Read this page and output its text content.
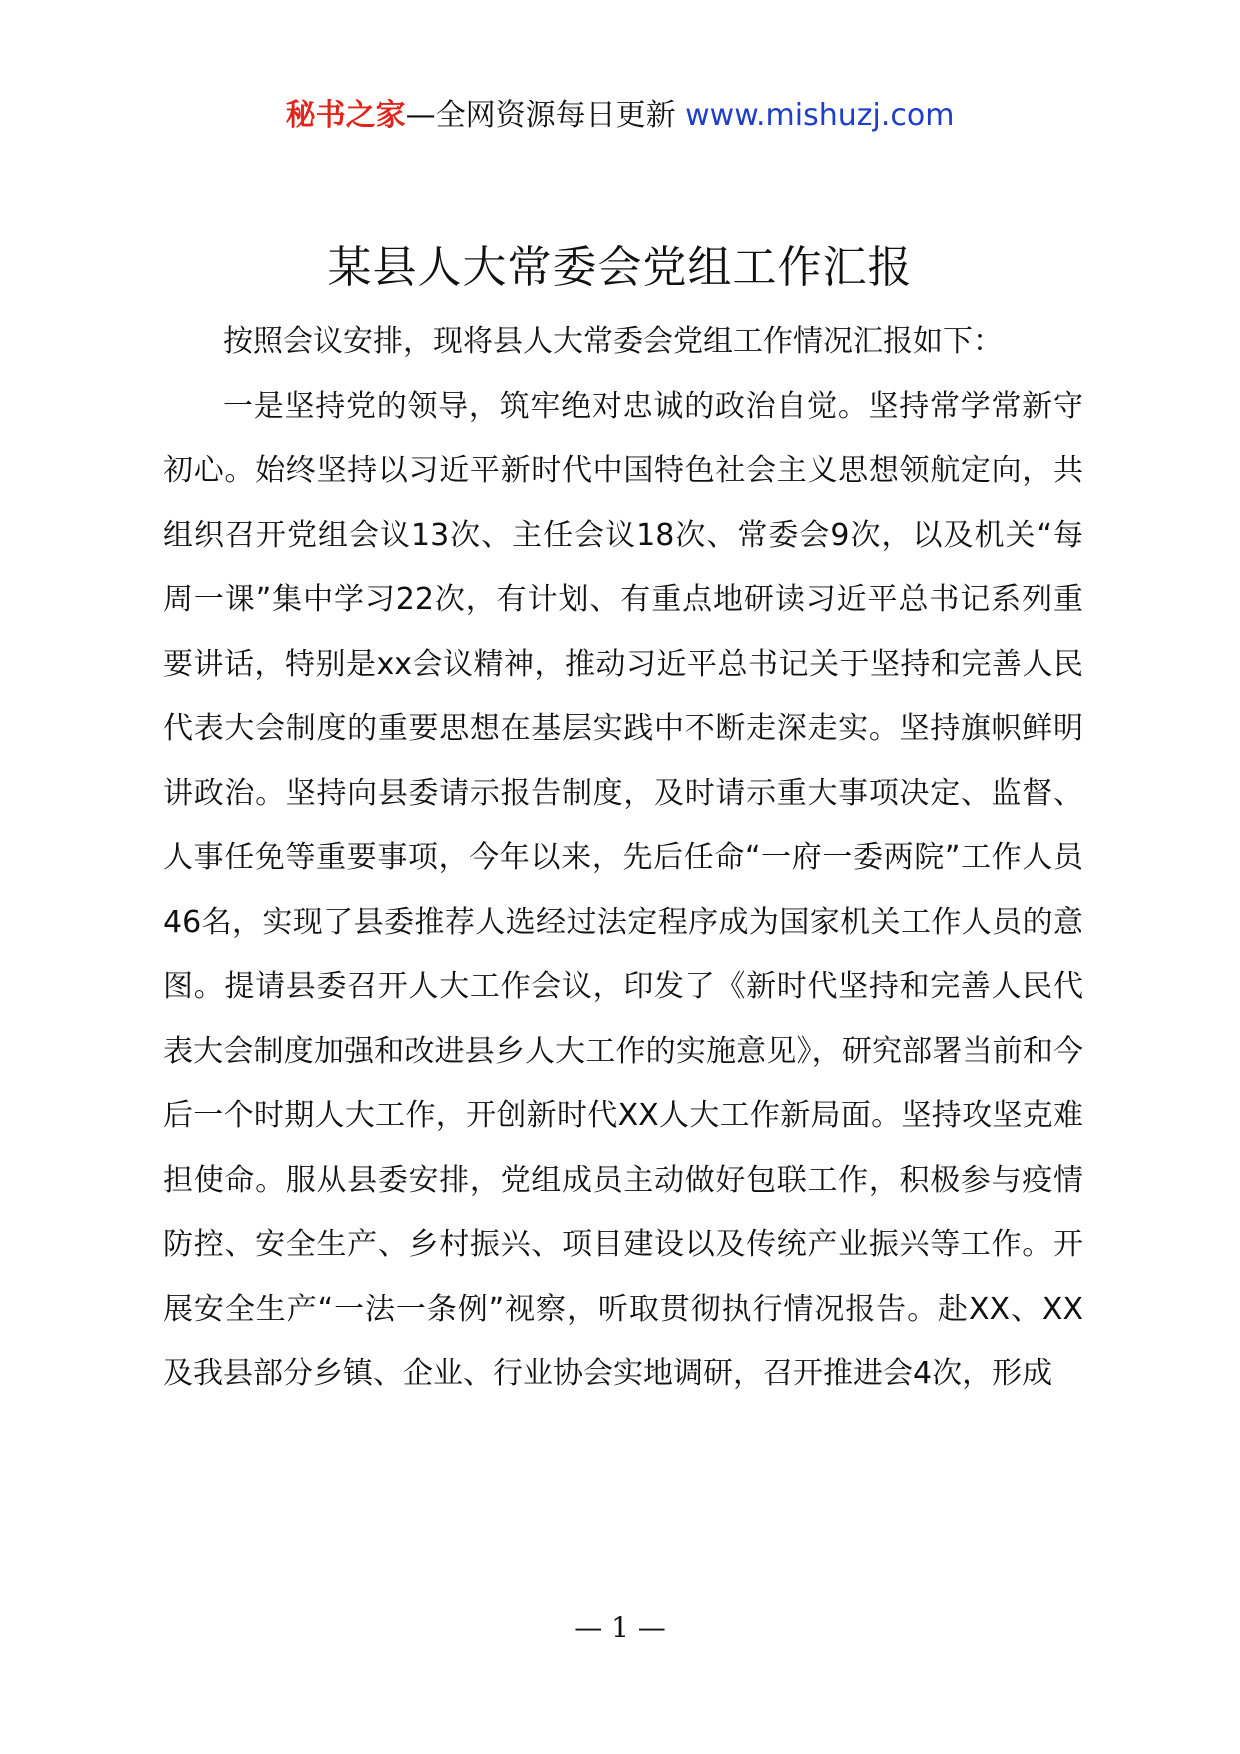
秘书之家—全网资源每日更新 www.mishuzj.com
某县人大常委会党组工作汇报

按照会议安排，现将县人大常委会党组工作情况汇报如下：

一是坚持党的领导，筑牢绝对忠诚的政治自觉。坚持常学常新守初心。始终坚持以习近平新时代中国特色社会主义思想领航定向，共组织召开党组会议13次、主任会议18次、常委会9次，以及机关“每周一课”集中学习22次，有计划、有重点地研读习近平总书记系列重要讲话，特别是xx会议精神，推动习近平总书记关于坚持和完善人民代表大会制度的重要思想在基层实践中不断走深走实。坚持旗帜鲜明讲政治。坚持向县委请示报告制度，及时请示重大事项决定、监督、人事任免等重要事项，今年以来，先后任命“一府一委两院”工作人员46名，实现了县委推荐人选经过法定程序成为国家机关工作人员的意图。提请县委召开人大工作会议，印发了《新时代坚持和完善人民代表大会制度加强和改进县乡人大工作的实施意见》，研究部署当前和今后一个时期人大工作，开创新时代XX人大工作新局面。坚持攻坚克难担使命。服从县委安排，党组成员主动做好包联工作，积极参与疫情防控、安全生产、乡村振兴、项目建设以及传统产业振兴等工作。开展安全生产“一法一条例”视察，听取贯彻执行情况报告。赴XX、XX及我县部分乡镇、企业、行业协会实地调研，召开推进会4次，形成

— 1 —
